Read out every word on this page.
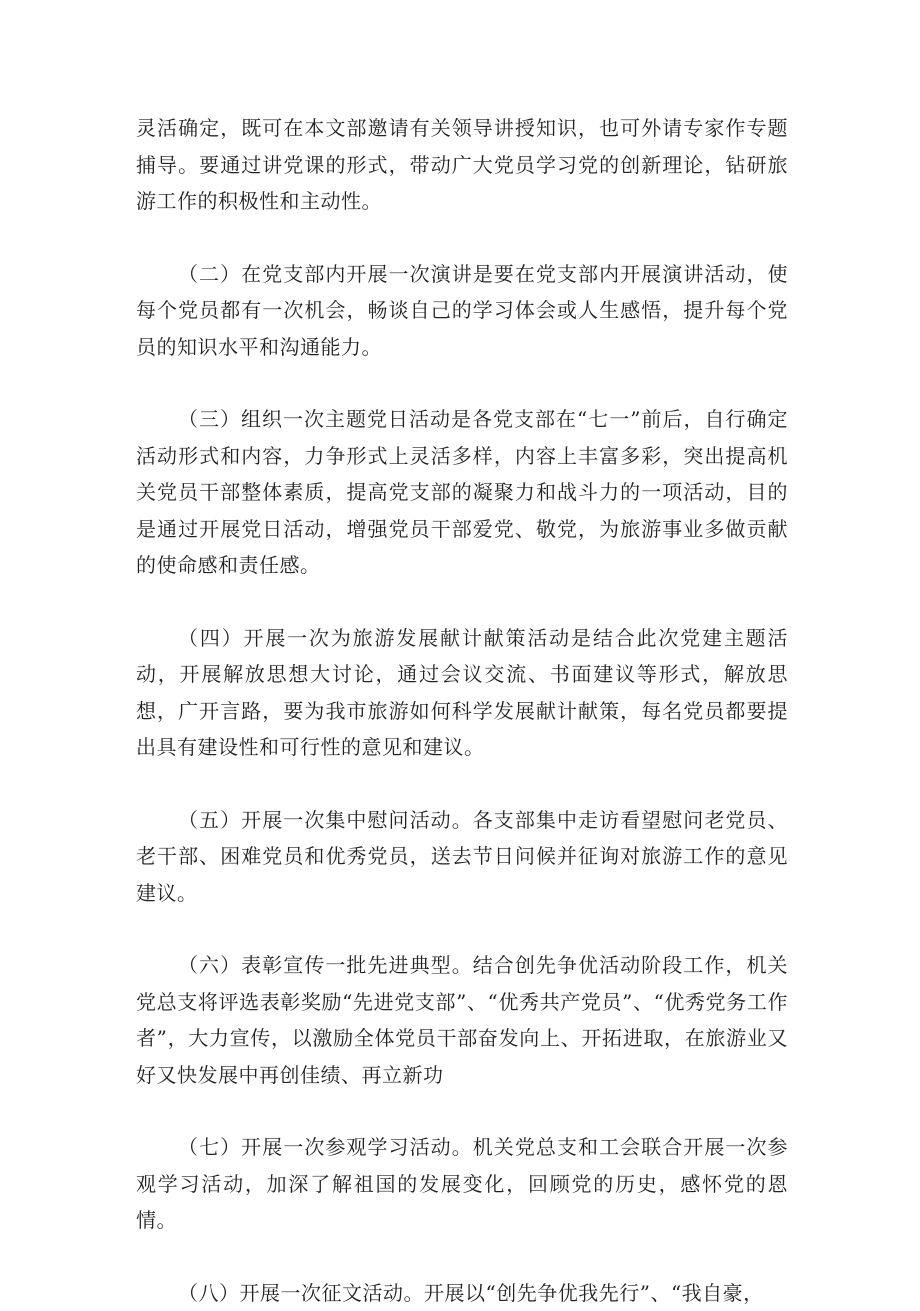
灵活确定，既可在本文部邀请有关领导讲授知识，也可外请专家作专题捕导。要通过讲党课的形式，带动广大党员学习党的创新理论，钻研旅游工作的积极性和主动性。

（二）在党支部内开展一次演讲是要在党支部内开展演讲活动，使每个党员都有一次机会，畅谈自己的学习体会或人生感悟，提升每个党员的知识水平和沟通能力。

（三）组织一次主题党日活动是各党支部在“七一”前后，自行确定活动形式和内容，力争形式上灵活多样，内容上丰富多彩，突出提高机关党员干部整体素质，提高党支部的凝聚力和战斗力的一项活动，目的是通过开展党日活动，增强党员干部爱党、敬党，为旅游事业多做贡献的使命感和责任感。

（四）开展一次为旅游发展献计献策活动是结合此次党建主题活动，开展解放思想大讨论，通过会议交流、书面建议等形式，解放思想，广开言路，要为我市旅游如何科学发展献计献策，每名党员都要提出具有建设性和可行性的意见和建议。

（五）开展一次集中慰问活动。各支部集中走访看望慰问老党员、老干部、困难党员和优秀党员，送去节日问候并征询对旅游工作的意见建议。

（六）表彰宣传一批先进典型。结合创先争优活动阶段工作，机关党总支将评选表彰奖励“先进党支部”、“优秀共产党员”、“优秀党务工作者”，大力宣传，以激励全体党员干部奋发向上、开拓进取，在旅游业又好又快发展中再创佳绩、再立新功

（七）开展一次参观学习活动。机关党总支和工会联合开展一次参观学习活动，加深了解祖国的发展变化，回顾党的历史，感怀党的恩情。

（八）开展一次征文活动。开展以“创先争优我先行”、“我自豪，
